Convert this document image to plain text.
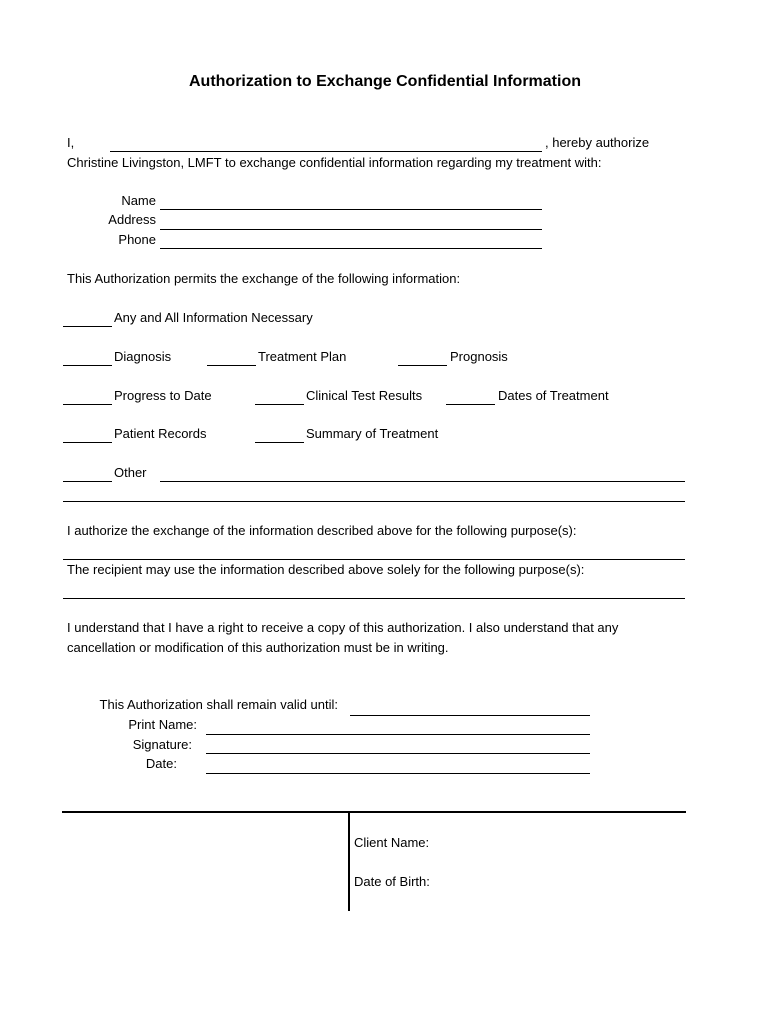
Authorization to Exchange Confidential Information
I,	, hereby authorize
Christine Livingston, LMFT to exchange confidential information regarding my treatment with:
Name
Address
Phone
This Authorization permits the exchange of the following information:
Any and All Information Necessary
Diagnosis	Treatment Plan	Prognosis
Progress to Date	Clinical Test Results	Dates of Treatment
Patient Records	Summary of Treatment
Other
I authorize the exchange of the information described above for the following purpose(s):
The recipient may use the information described above solely for the following purpose(s):
I understand that I have a right to receive a copy of this authorization. I also understand that any
cancellation or modification of this authorization must be in writing.
This Authorization shall remain valid until:
Print Name:
Signature:
Date:
Client Name:
Date of Birth:
